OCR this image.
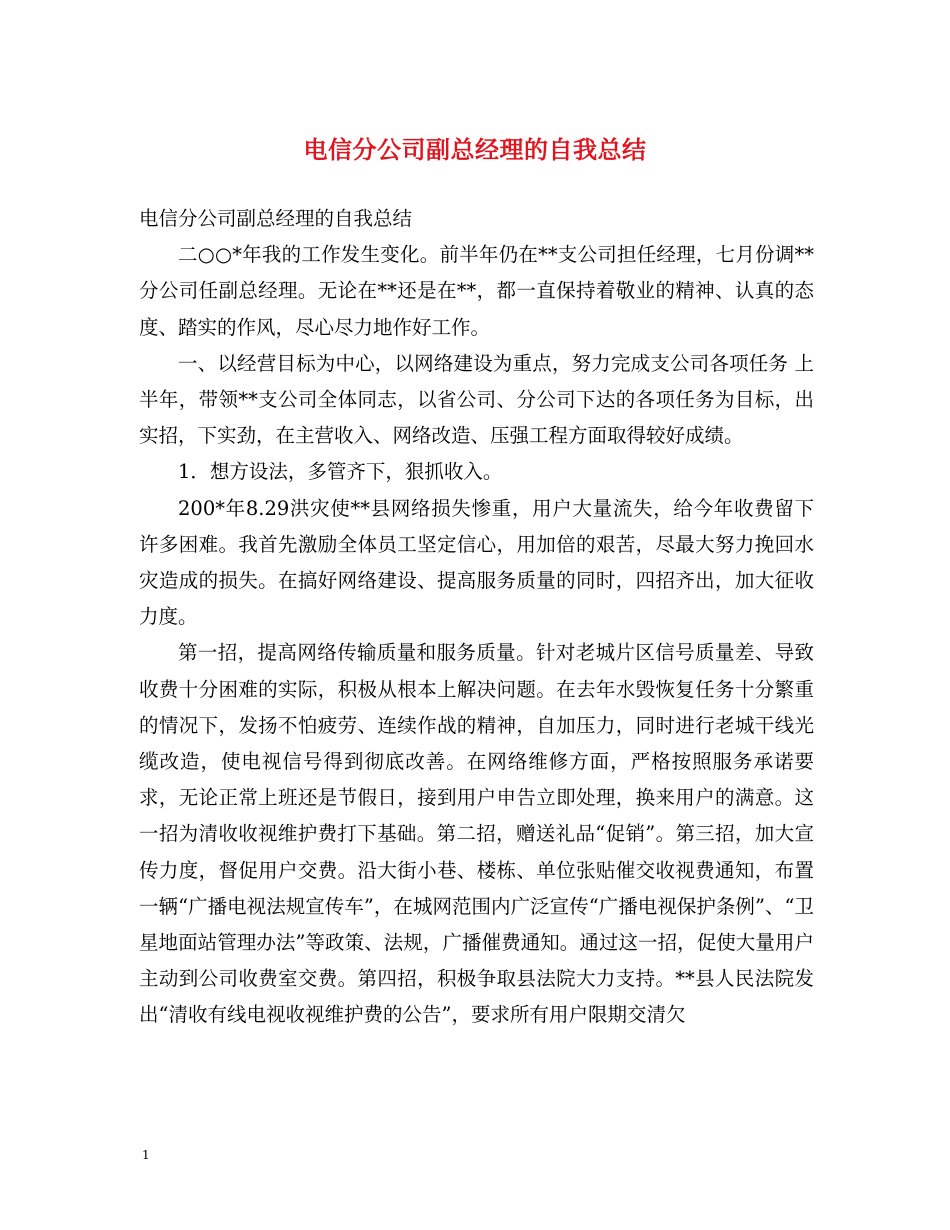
电信分公司副总经理的自我总结

电信分公司副总经理的自我总结

二○○*年我的工作发生变化。前半年仍在**支公司担任经理，七月份调**分公司任副总经理。无论在**还是在**，都一直保持着敬业的精神、认真的态度、踏实的作风，尽心尽力地作好工作。

一、以经营目标为中心，以网络建设为重点，努力完成支公司各项任务 上半年，带领**支公司全体同志，以省公司、分公司下达的各项任务为目标，出实招，下实劲，在主营收入、网络改造、压强工程方面取得较好成绩。

1．想方设法，多管齐下，狠抓收入。

200*年8.29洪灾使**县网络损失惨重，用户大量流失，给今年收费留下许多困难。我首先激励全体员工坚定信心，用加倍的艰苦，尽最大努力挽回水灾造成的损失。在搞好网络建设、提高服务质量的同时，四招齐出，加大征收力度。

第一招，提高网络传输质量和服务质量。针对老城片区信号质量差、导致收费十分困难的实际，积极从根本上解决问题。在去年水毁恢复任务十分繁重的情况下，发扬不怕疲劳、连续作战的精神，自加压力，同时进行老城干线光缆改造，使电视信号得到彻底改善。在网络维修方面，严格按照服务承诺要求，无论正常上班还是节假日，接到用户申告立即处理，换来用户的满意。这一招为清收收视维护费打下基础。第二招，赠送礼品“促销”。第三招，加大宣传力度，督促用户交费。沿大街小巷、楼栋、单位张贴催交收视费通知，布置一辆“广播电视法规宣传车”，在城网范围内广泛宣传“广播电视保护条例”、“卫星地面站管理办法”等政策、法规，广播催费通知。通过这一招，促使大量用户主动到公司收费室交费。第四招，积极争取县法院大力支持。**县人民法院发出“清收有线电视收视维护费的公告”，要求所有用户限期交清欠

1
